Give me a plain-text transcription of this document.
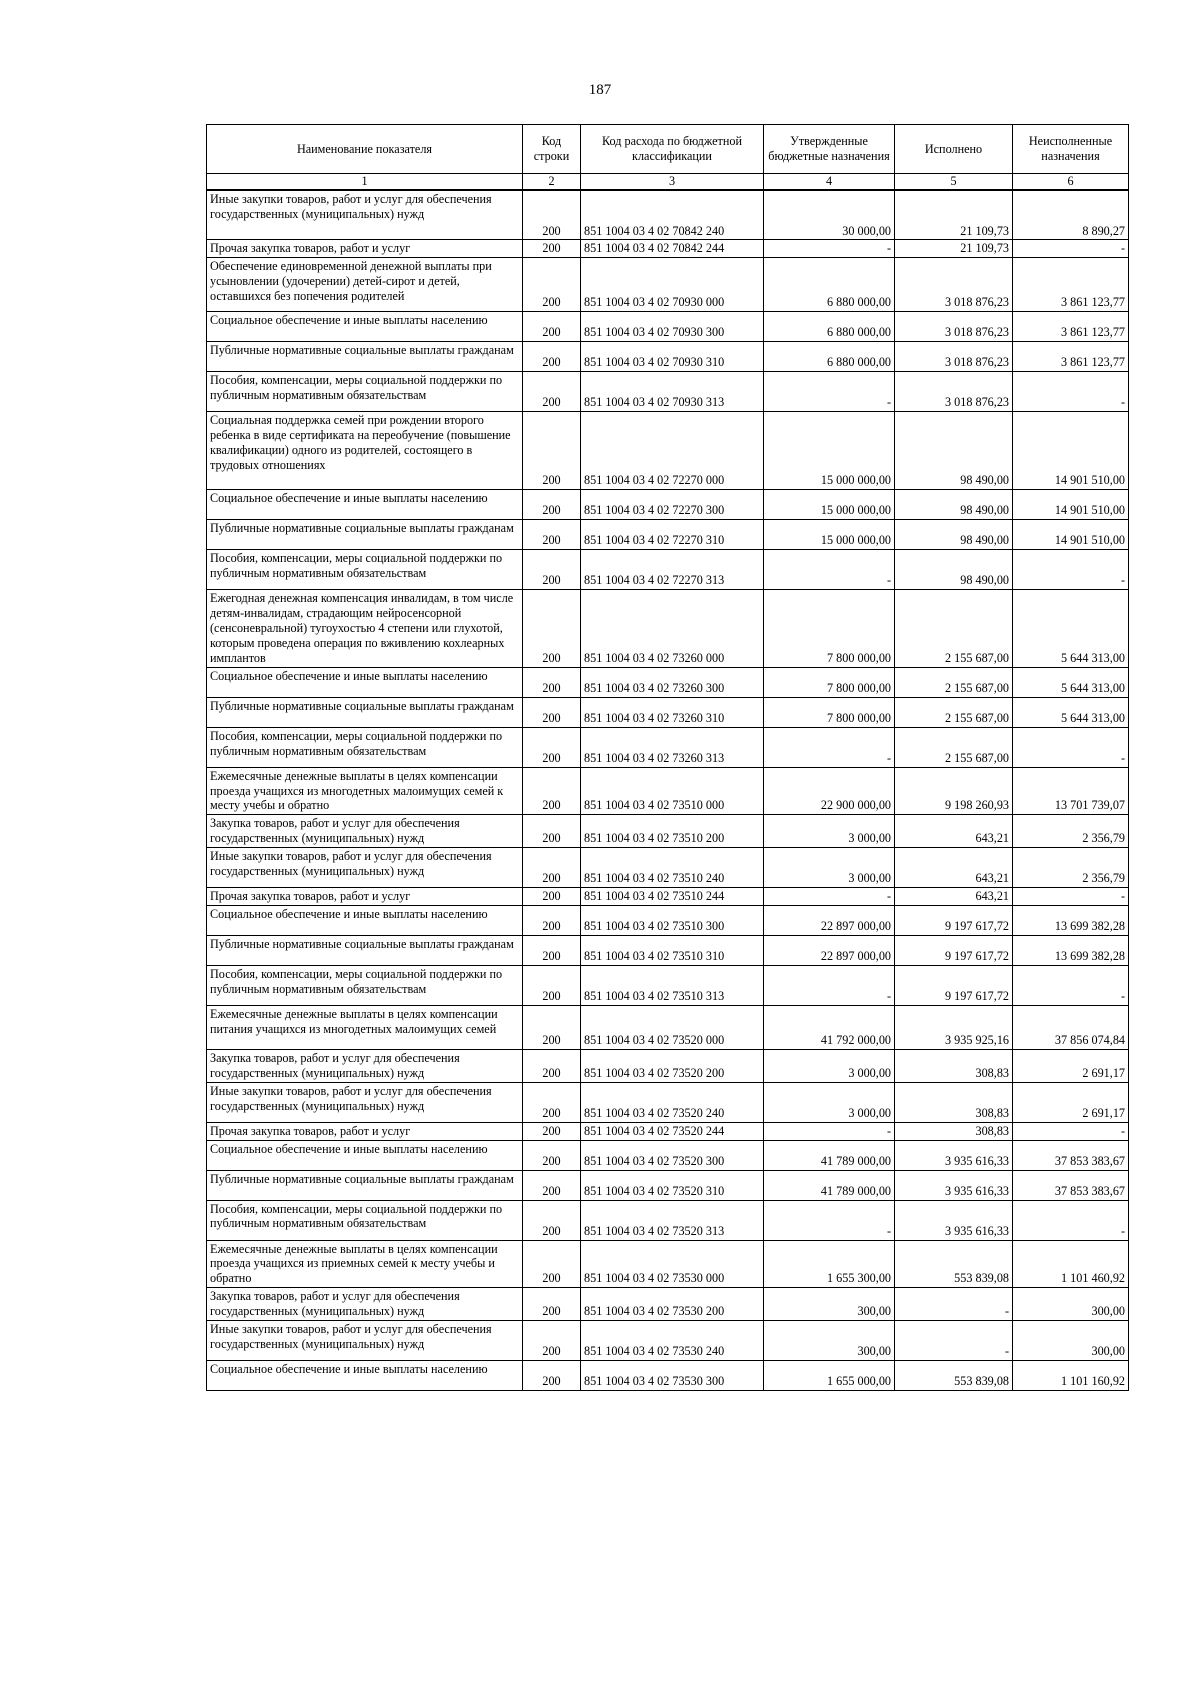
187
Наименование показателя	Код строки	Код расхода по бюджетной классификации	Утвержденные бюджетные назначения	Исполнено	Неисполненные назначения
1	2	3	4	5	6
Иные закупки товаров, работ и услуг для обеспечения государственных (муниципальных) нужд	200	851 1004 03 4 02 70842 240	30 000,00	21 109,73	8 890,27
Прочая закупка товаров, работ и услуг	200	851 1004 03 4 02 70842 244	-	21 109,73	-
Обеспечение единовременной денежной выплаты при усыновлении (удочерении) детей-сирот и детей, оставшихся без попечения родителей	200	851 1004 03 4 02 70930 000	6 880 000,00	3 018 876,23	3 861 123,77
Социальное обеспечение и иные выплаты населению	200	851 1004 03 4 02 70930 300	6 880 000,00	3 018 876,23	3 861 123,77
Публичные нормативные социальные выплаты гражданам	200	851 1004 03 4 02 70930 310	6 880 000,00	3 018 876,23	3 861 123,77
Пособия, компенсации, меры социальной поддержки по публичным нормативным обязательствам	200	851 1004 03 4 02 70930 313	-	3 018 876,23	-
Социальная поддержка семей при рождении второго ребенка в виде сертификата на переобучение (повышение квалификации) одного из родителей, состоящего в трудовых отношениях	200	851 1004 03 4 02 72270 000	15 000 000,00	98 490,00	14 901 510,00
Социальное обеспечение и иные выплаты населению	200	851 1004 03 4 02 72270 300	15 000 000,00	98 490,00	14 901 510,00
Публичные нормативные социальные выплаты гражданам	200	851 1004 03 4 02 72270 310	15 000 000,00	98 490,00	14 901 510,00
Пособия, компенсации, меры социальной поддержки по публичным нормативным обязательствам	200	851 1004 03 4 02 72270 313	-	98 490,00	-
Ежегодная денежная компенсация инвалидам, в том числе детям-инвалидам, страдающим нейросенсорной (сенсоневральной) тугоухостью 4 степени или глухотой, которым проведена операция по вживлению кохлеарных имплантов	200	851 1004 03 4 02 73260 000	7 800 000,00	2 155 687,00	5 644 313,00
Социальное обеспечение и иные выплаты населению	200	851 1004 03 4 02 73260 300	7 800 000,00	2 155 687,00	5 644 313,00
Публичные нормативные социальные выплаты гражданам	200	851 1004 03 4 02 73260 310	7 800 000,00	2 155 687,00	5 644 313,00
Пособия, компенсации, меры социальной поддержки по публичным нормативным обязательствам	200	851 1004 03 4 02 73260 313	-	2 155 687,00	-
Ежемесячные денежные выплаты в целях компенсации проезда учащихся из многодетных малоимущих семей к месту учебы и обратно	200	851 1004 03 4 02 73510 000	22 900 000,00	9 198 260,93	13 701 739,07
Закупка товаров, работ и услуг для обеспечения государственных (муниципальных) нужд	200	851 1004 03 4 02 73510 200	3 000,00	643,21	2 356,79
Иные закупки товаров, работ и услуг для обеспечения государственных (муниципальных) нужд	200	851 1004 03 4 02 73510 240	3 000,00	643,21	2 356,79
Прочая закупка товаров, работ и услуг	200	851 1004 03 4 02 73510 244	-	643,21	-
Социальное обеспечение и иные выплаты населению	200	851 1004 03 4 02 73510 300	22 897 000,00	9 197 617,72	13 699 382,28
Публичные нормативные социальные выплаты гражданам	200	851 1004 03 4 02 73510 310	22 897 000,00	9 197 617,72	13 699 382,28
Пособия, компенсации, меры социальной поддержки по публичным нормативным обязательствам	200	851 1004 03 4 02 73510 313	-	9 197 617,72	-
Ежемесячные денежные выплаты в целях компенсации питания учащихся из многодетных малоимущих семей	200	851 1004 03 4 02 73520 000	41 792 000,00	3 935 925,16	37 856 074,84
Закупка товаров, работ и услуг для обеспечения государственных (муниципальных) нужд	200	851 1004 03 4 02 73520 200	3 000,00	308,83	2 691,17
Иные закупки товаров, работ и услуг для обеспечения государственных (муниципальных) нужд	200	851 1004 03 4 02 73520 240	3 000,00	308,83	2 691,17
Прочая закупка товаров, работ и услуг	200	851 1004 03 4 02 73520 244	-	308,83	-
Социальное обеспечение и иные выплаты населению	200	851 1004 03 4 02 73520 300	41 789 000,00	3 935 616,33	37 853 383,67
Публичные нормативные социальные выплаты гражданам	200	851 1004 03 4 02 73520 310	41 789 000,00	3 935 616,33	37 853 383,67
Пособия, компенсации, меры социальной поддержки по публичным нормативным обязательствам	200	851 1004 03 4 02 73520 313	-	3 935 616,33	-
Ежемесячные денежные выплаты в целях компенсации проезда учащихся из приемных семей к месту учебы и обратно	200	851 1004 03 4 02 73530 000	1 655 300,00	553 839,08	1 101 460,92
Закупка товаров, работ и услуг для обеспечения государственных (муниципальных) нужд	200	851 1004 03 4 02 73530 200	300,00	-	300,00
Иные закупки товаров, работ и услуг для обеспечения государственных (муниципальных) нужд	200	851 1004 03 4 02 73530 240	300,00	-	300,00
Социальное обеспечение и иные выплаты населению	200	851 1004 03 4 02 73530 300	1 655 000,00	553 839,08	1 101 160,92
